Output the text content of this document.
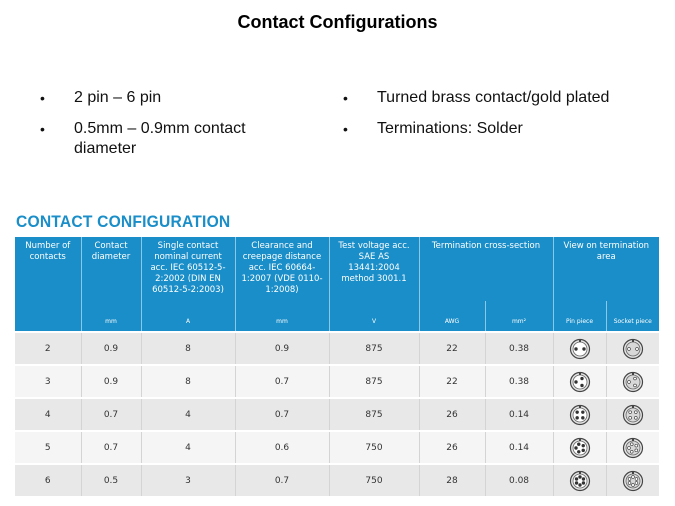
Contact Configurations
• 2 pin – 6 pin
• 0.5mm – 0.9mm contact diameter
• Turned brass contact/gold plated
• Terminations: Solder
CONTACT CONFIGURATION
Number of contacts	Contact diameter	Single contact nominal current acc. IEC 60512-5-2:2002 (DIN EN 60512-5-2:2003)	Clearance and creepage distance acc. IEC 60664-1:2007 (VDE 0110-1:2008)	Test voltage acc. SAE AS 13441:2004 method 3001.1	Termination cross-section		View on termination area	
	mm	A	mm	V	AWG	mm²	Pin piece	Socket piece
2	0.9	8	0.9	875	22	0.38		
3	0.9	8	0.7	875	22	0.38		
4	0.7	4	0.7	875	26	0.14		
5	0.7	4	0.6	750	26	0.14		
6	0.5	3	0.7	750	28	0.08		
